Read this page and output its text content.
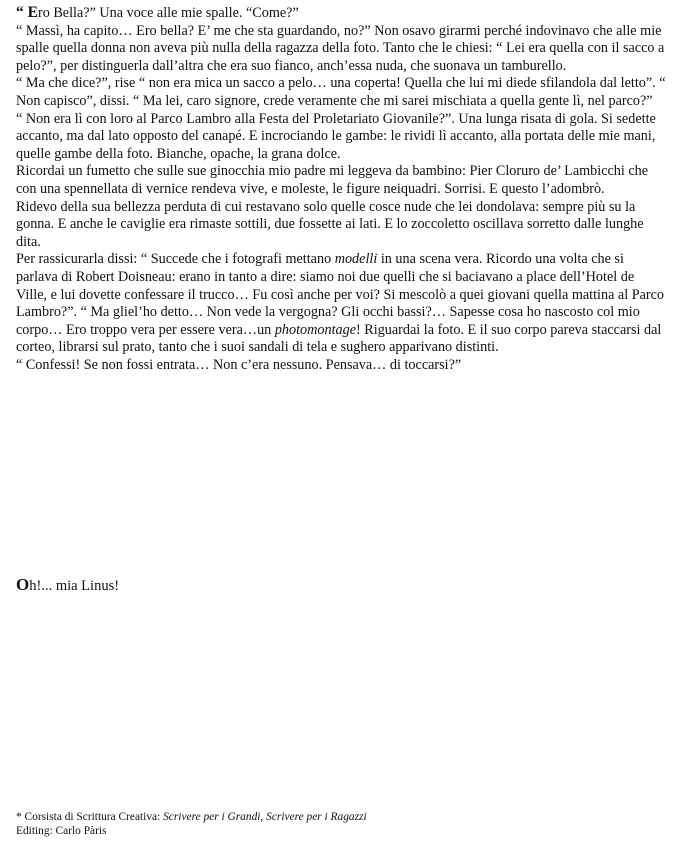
“ Ero Bella?” Una voce alle mie spalle. “Come?”

“ Massì, ha capito… Ero bella? E’ me che sta guardando, no?” Non osavo girarmi perché indovinavo che alle mie spalle quella donna non aveva più nulla della ragazza della foto. Tanto che le chiesi: “ Lei era quella con il sacco a pelo?”, per distinguerla dall’altra che era suo fianco, anch’essa nuda, che suonava un tamburello.

“ Ma che dice?”, rise “ non era mica un sacco a pelo… una coperta! Quella che lui mi diede sfilandola dal letto”. “ Non capisco”, dissi. “ Ma lei, caro signore, crede veramente che mi sarei mischiata a quella gente lì, nel parco?”

“ Non era lì con loro al Parco Lambro alla Festa del Proletariato Giovanile?”. Una lunga risata di gola. Si sedette accanto, ma dal lato opposto del canapé. E incrociando le gambe: le rividi lì accanto, alla portata delle mie mani, quelle gambe della foto. Bianche, opache, la grana dolce.

Ricordai un fumetto che sulle sue ginocchia mio padre mi leggeva da bambino: Pier Cloruro de’ Lambicchi che con una spennellata di vernice rendeva vive, e moleste, le figure neiquadri. Sorrisi. E questo l’adombrò.

Ridevo della sua bellezza perduta di cui restavano solo quelle cosce nude che lei dondolava: sempre più su la gonna. E anche le caviglie era rimaste sottili, due fossette ai lati. E lo zoccoletto oscillava sorretto dalle lunghe dita.

Per rassicurarla dissi: “ Succede che i fotografi mettano modelli in una scena vera. Ricordo una volta che si parlava di Robert Doisneau: erano in tanto a dire: siamo noi due quelli che si baciavano a place dell’Hotel de Ville, e lui dovette confessare il trucco… Fu così anche per voi? Si mescolò a quei giovani quella mattina al Parco Lambro?”. “ Ma gliel’ho detto… Non vede la vergogna? Gli occhi bassi?… Sapesse cosa ho nascosto col mio corpo… Ero troppo vera per essere vera…un photomontage! Riguardai la foto. E il suo corpo pareva staccarsi dal corteo, librarsi sul prato, tanto che i suoi sandali di tela e sughero apparivano distinti.

“ Confessi! Se non fossi entrata… Non c’era nessuno. Pensava… di toccarsi?”

Oh!... mia Linus!

* Corsista di Scrittura Creativa: Scrivere per i Grandi, Scrivere per i Ragazzi

Editing: Carlo Pàris
